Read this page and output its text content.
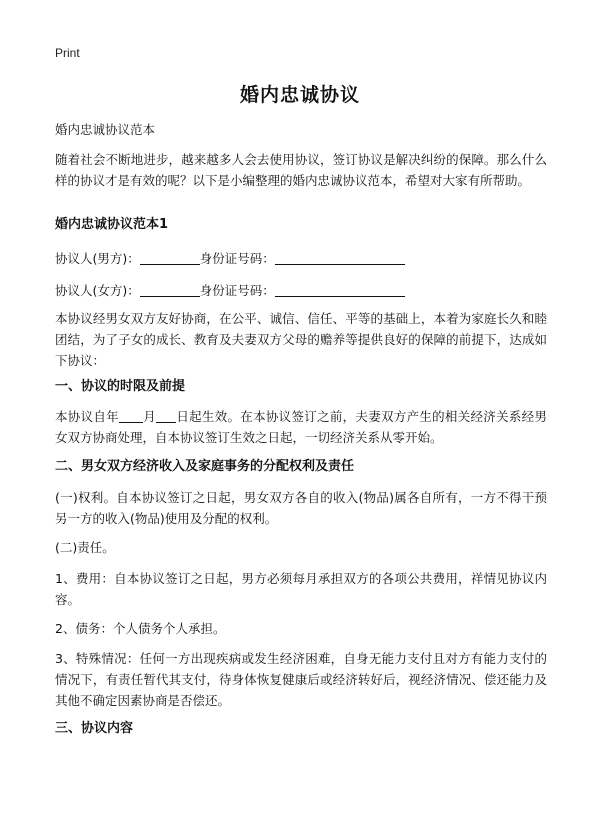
Print
婚内忠诚协议
婚内忠诚协议范本
随着社会不断地进步，越来越多人会去使用协议，签订协议是解决纠纷的保障。那么什么样的协议才是有效的呢？以下是小编整理的婚内忠诚协议范本，希望对大家有所帮助。
婚内忠诚协议范本1
协议人(男方)：	身份证号码：
协议人(女方)：	身份证号码：
本协议经男女双方友好协商，在公平、诚信、信任、平等的基础上，本着为家庭长久和睦团结，为了子女的成长、教育及夫妻双方父母的赡养等提供良好的保障的前提下，达成如下协议：
一、协议的时限及前提
本协议自年 月 日起生效。在本协议签订之前，夫妻双方产生的相关经济关系经男女双方协商处理，自本协议签订生效之日起，一切经济关系从零开始。
二、男女双方经济收入及家庭事务的分配权利及责任
(一)权利。自本协议签订之日起，男女双方各自的收入(物品)属各自所有，一方不得干预另一方的收入(物品)使用及分配的权利。
(二)责任。
1、费用：自本协议签订之日起，男方必须每月承担双方的各项公共费用，祥情见协议内容。
2、债务：个人债务个人承担。
3、特殊情况：任何一方出现疾病或发生经济困难，自身无能力支付且对方有能力支付的情况下，有责任暂代其支付，待身体恢复健康后或经济转好后，视经济情况、偿还能力及其他不确定因素协商是否偿还。
三、协议内容
